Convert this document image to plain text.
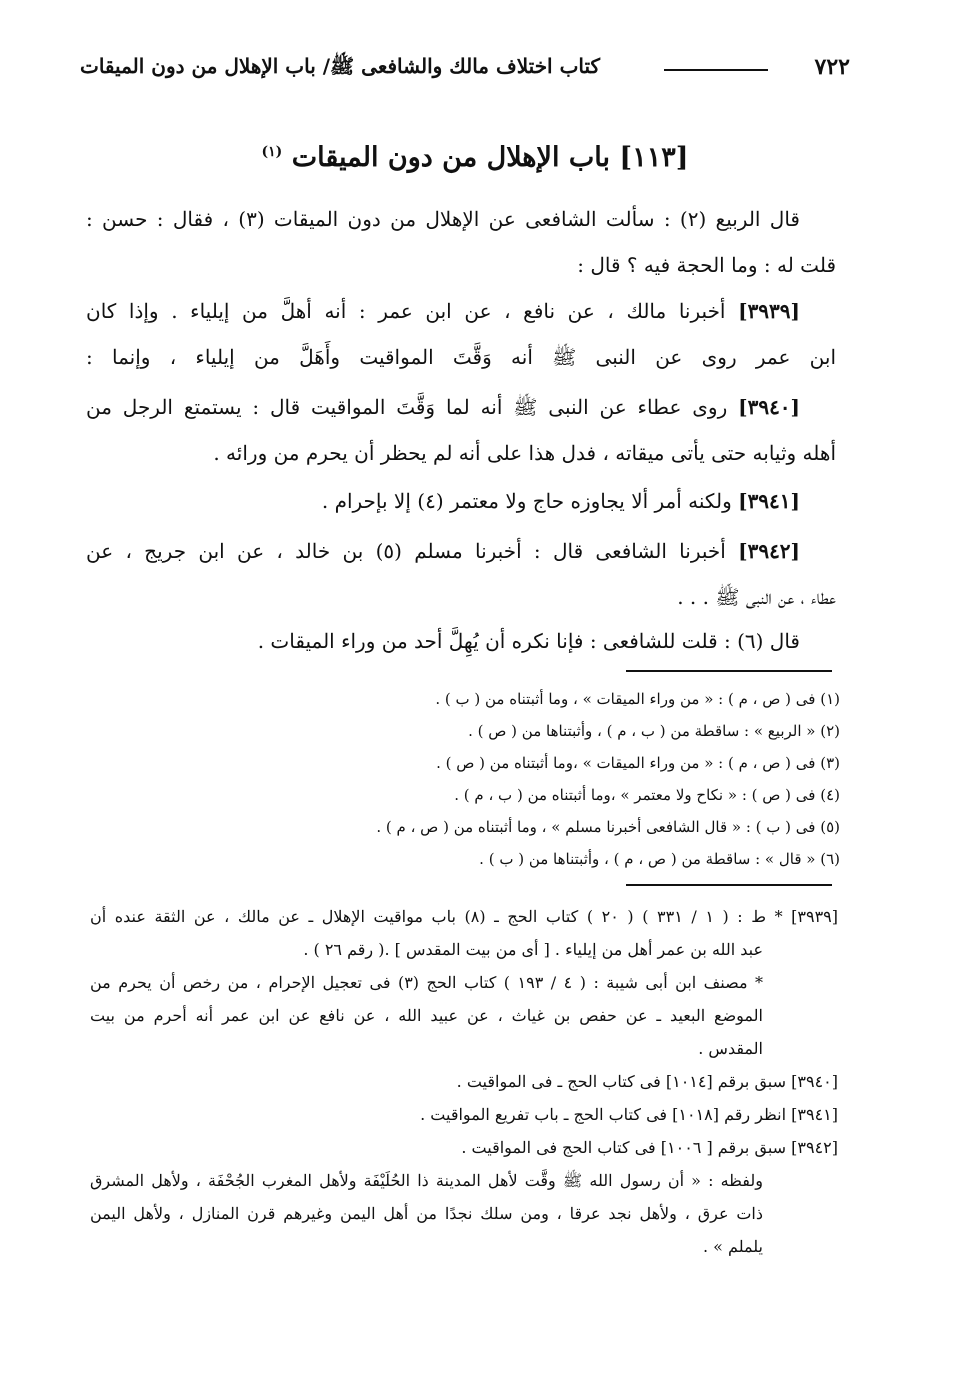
٧٢٢
كتاب اختلاف مالك والشافعى ﷺ/ باب الإهلال من دون الميقات
[١١٣] باب الإهلال من دون الميقات $^{(١)}$
قال الربيع (٢) : سألت الشافعى عن الإهلال من دون الميقات (٣) ، فقال : حسن :
قلت له : وما الحجة فيه ؟ قال :
[٣٩٣٩] أخبرنا مالك ، عن نافع ، عن ابن عمر : أنه أهلَّ من إيلياء . وإذا كان
ابن عمر روى عن النبى ﷺ أنه وَقَّتَ المواقيت وأَهَلَّ من إيلياء ، وإنما :
[٣٩٤٠] روى عطاء عن النبى ﷺ أنه لما وَقَّتَ المواقيت قال : يستمتع الرجل من
أهله وثيابه حتى يأتى ميقاته ، فدل هذا على أنه لم يحظر أن يحرم من ورائه .
[٣٩٤١] ولكنه أمر ألا يجاوزه حاج ولا معتمر (٤) إلا بإحرام .
[٣٩٤٢] أخبرنا الشافعى قال : أخبرنا مسلم (٥) بن خالد ، عن ابن جريج ، عن
عطاء ، عن النبى ﷺ . . .
قال (٦) : قلت للشافعى : فإنا نكره أن يُهِلَّ أحد من وراء الميقات .
(١) فى ( ص ، م ) : « من وراء الميقات » ، وما أثبتناه من ( ب ) .
(٢) « الربيع » : ساقطة من ( ب ، م ) ، وأثبتناها من ( ص ) .
(٣) فى ( ص ، م ) : « من وراء الميقات » ،وما أثبتناه من ( ص ) .
(٤) فى ( ص ) : « نكاح ولا معتمر » ،وما أثبتناه من ( ب ، م ) .
(٥) فى ( ب ) : « قال الشافعى أخبرنا مسلم » ، وما أثبتناه من ( ص ، م ) .
(٦) « قال » : ساقطة من ( ص ، م ) ، وأثبتناها من ( ب ) .
[٣٩٣٩] * ط : ( ١ / ٣٣١ ) ( ٢٠ ) كتاب الحج ـ (٨) باب مواقيت الإهلال ـ عن مالك ، عن الثقة عنده أن
عبد الله بن عمر أهل من إيلياء . [ أى من بيت المقدس ] .( رقم ٢٦ ) .
* مصنف ابن أبى شيبة : ( ٤ / ١٩٣ ) كتاب الحج (٣) فى تعجيل الإحرام ، من رخص أن يحرم من
الموضع البعيد ـ عن حفص بن غياث ، عن عبيد الله ، عن نافع عن ابن عمر أنه أحرم من بيت
المقدس .
[٣٩٤٠] سبق برقم [١٠١٤] فى كتاب الحج ـ فى المواقيت .
[٣٩٤١] انظر رقم [١٠١٨] فى كتاب الحج ـ باب تفريع المواقيت .
[٣٩٤٢] سبق برقم [ ١٠٠٦] فى كتاب الحج فى المواقيت .
ولفظه : « أن رسول الله ﷺ وقَّت لأهل المدينة ذا الحُلَيْفَة ولأهل المغرب الجُحْفَة ، ولأهل المشرق
ذات عرق ، ولأهل نجد عرقا ، ومن سلك نجدًا من أهل اليمن وغيرهم قرن المنازل ، ولأهل اليمن
يلملم » .
